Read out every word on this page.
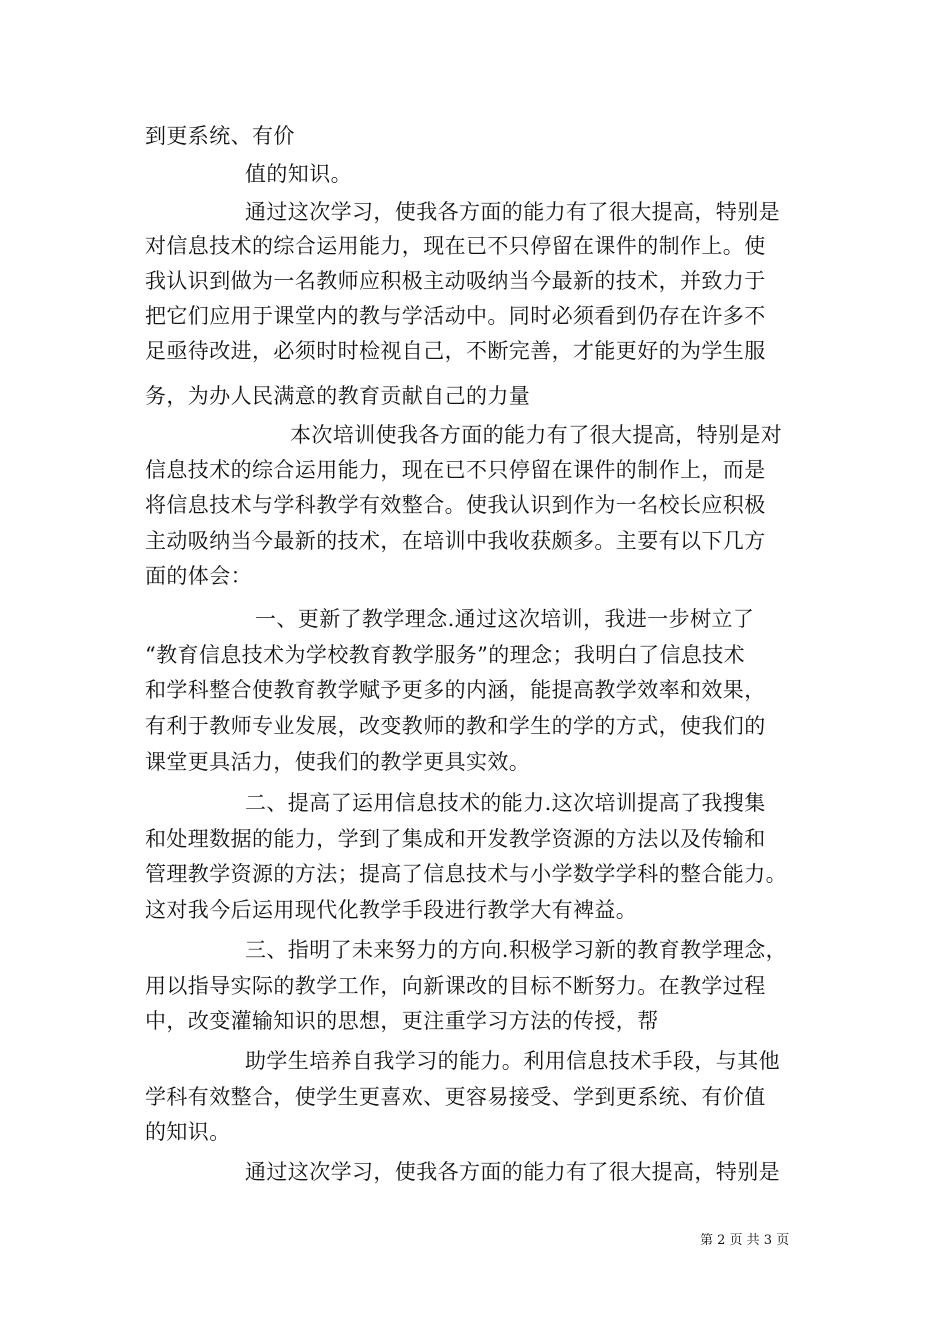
到更系统、有价
值的知识。
通过这次学习，使我各方面的能力有了很大提高，特别是
对信息技术的综合运用能力，现在已不只停留在课件的制作上。使
我认识到做为一名教师应积极主动吸纳当今最新的技术，并致力于
把它们应用于课堂内的教与学活动中。同时必须看到仍存在许多不
足亟待改进，必须时时检视自己，不断完善，才能更好的为学生服
务，为办人民满意的教育贡献自己的力量
本次培训使我各方面的能力有了很大提高，特别是对
信息技术的综合运用能力，现在已不只停留在课件的制作上，而是
将信息技术与学科教学有效整合。使我认识到作为一名校长应积极
主动吸纳当今最新的技术，在培训中我收获颇多。主要有以下几方
面的体会：
一、更新了教学理念.通过这次培训，我进一步树立了
“教育信息技术为学校教育教学服务”的理念；我明白了信息技术
和学科整合使教育教学赋予更多的内涵，能提高教学效率和效果，
有利于教师专业发展，改变教师的教和学生的学的方式，使我们的
课堂更具活力，使我们的教学更具实效。
二、提高了运用信息技术的能力.这次培训提高了我搜集
和处理数据的能力，学到了集成和开发教学资源的方法以及传输和
管理教学资源的方法；提高了信息技术与小学数学学科的整合能力。
这对我今后运用现代化教学手段进行教学大有裨益。
三、指明了未来努力的方向.积极学习新的教育教学理念，
用以指导实际的教学工作，向新课改的目标不断努力。在教学过程
中，改变灌输知识的思想，更注重学习方法的传授，帮
助学生培养自我学习的能力。利用信息技术手段，与其他
学科有效整合，使学生更喜欢、更容易接受、学到更系统、有价值
的知识。
通过这次学习，使我各方面的能力有了很大提高，特别是
第 2 页 共 3 页
